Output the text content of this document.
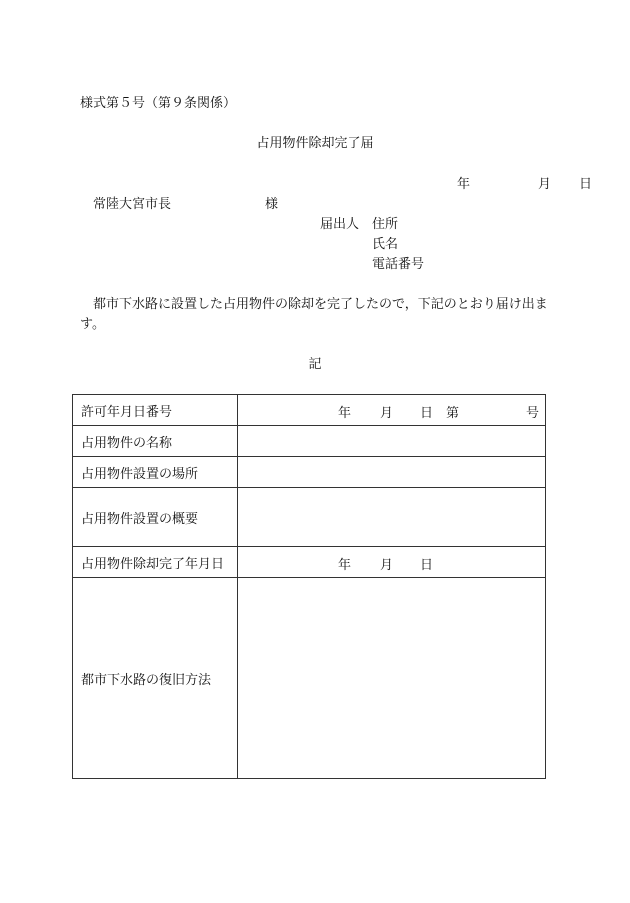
様式第５号（第９条関係）
占用物件除却完了届
年	月 日
常陸大宮市長	様
届出人 住所
氏名
電話番号
都市下水路に設置した占用物件の除却を完了したので，下記のとおり届け出ます。
記
許可年月日番号	年 月 日 第 号

占用物件の名称	
占用物件設置の場所	
占用物件設置の概要	
占用物件除却完了年月日	年 月 日

都市下水路の復旧方法	
